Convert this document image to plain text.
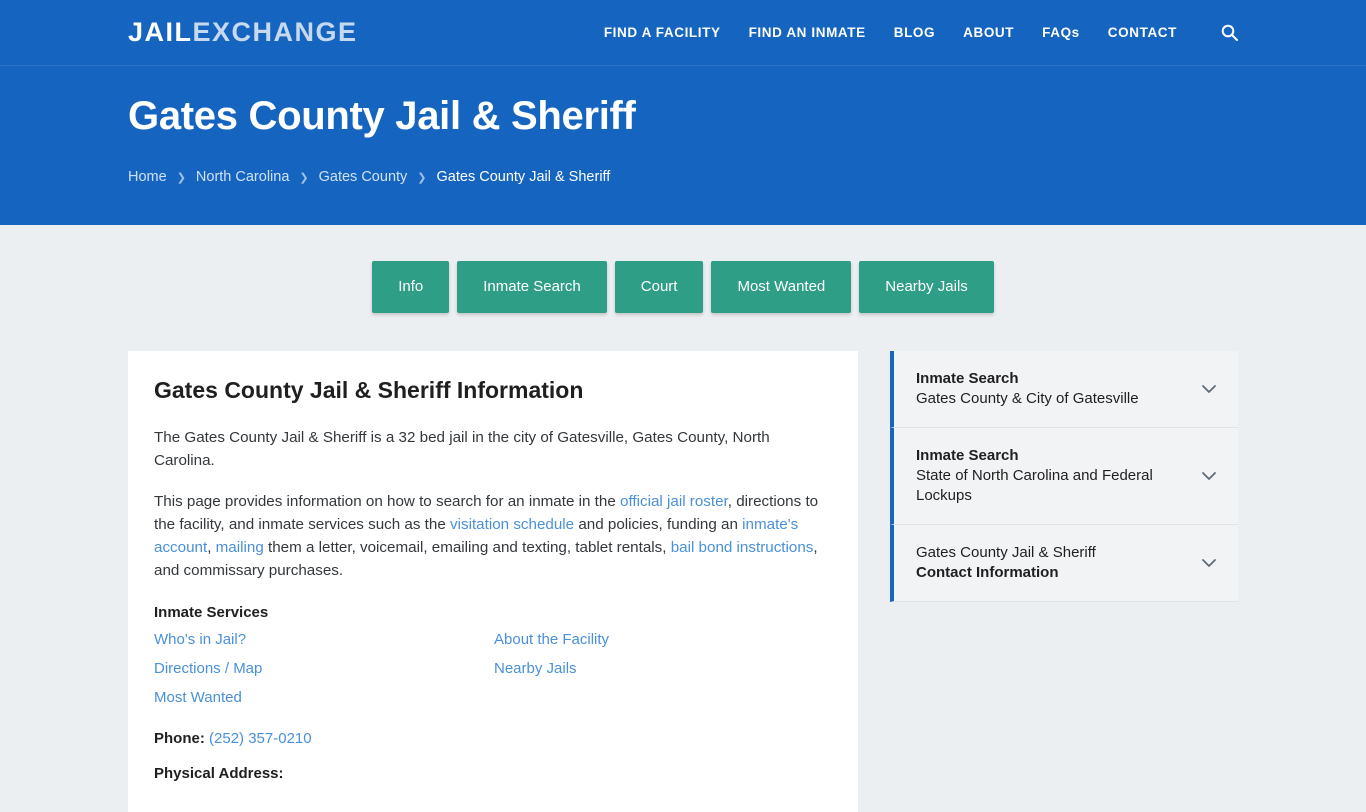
JAILEXCHANGE	FIND A FACILITY FIND AN INMATE BLOG ABOUT FAQs CONTACT
Gates County Jail & Sheriff
Home ❯ North Carolina ❯ Gates County ❯ Gates County Jail & Sheriff
Info	Inmate Search	Court	Most Wanted	Nearby Jails
Gates County Jail & Sheriff Information

The Gates County Jail & Sheriff is a 32 bed jail in the city of Gatesville, Gates County, North Carolina.

This page provides information on how to search for an inmate in the official jail roster, directions to the facility, and inmate services such as the visitation schedule and policies, funding an inmate's account, mailing them a letter, voicemail, emailing and texting, tablet rentals, bail bond instructions, and commissary purchases.

Inmate Services
Who's in Jail?	About the Facility
Directions / Map	Nearby Jails
Most Wanted
Phone: (252) 357-0210
Physical Address:
Inmate Search
Gates County & City of Gatesville
Inmate Search
State of North Carolina and Federal Lockups
Gates County Jail & Sheriff
Contact Information
